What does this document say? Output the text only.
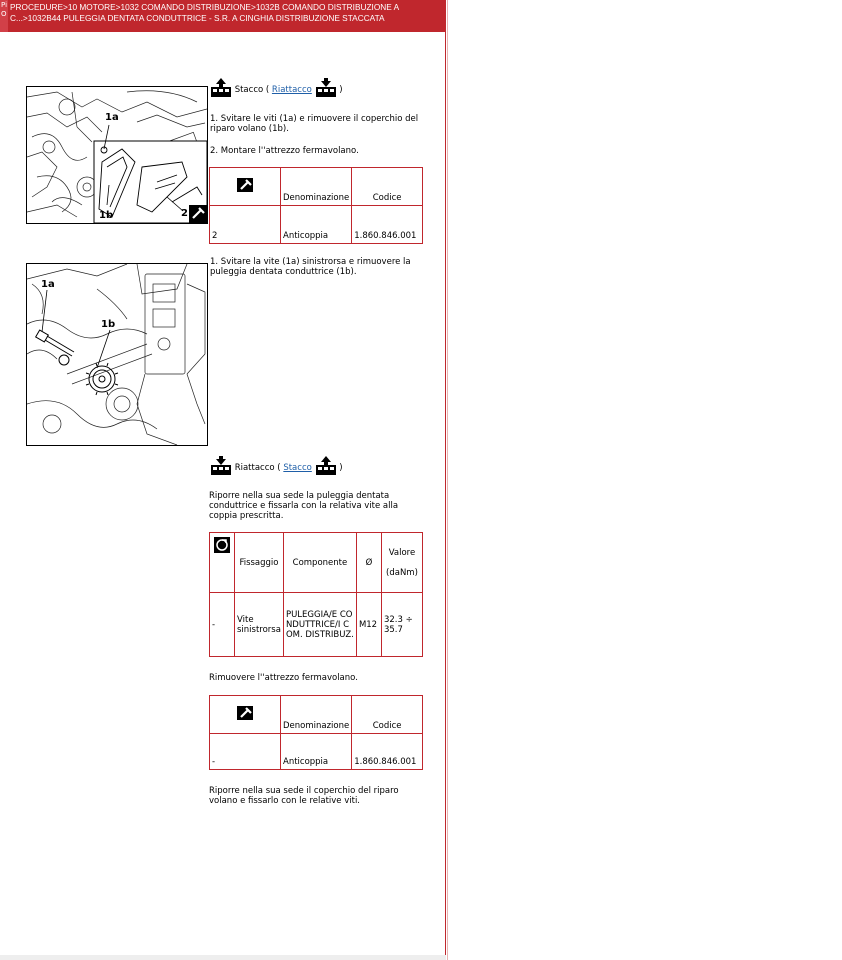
Pi
O
PROCEDURE>10 MOTORE>1032 COMANDO DISTRIBUZIONE>1032B COMANDO DISTRIBUZIONE A C...>1032B44 PULEGGIA DENTATA CONDUTTRICE - S.R. A CINGHIA DISTRIBUZIONE STACCATA
1a
1b	2
Stacco ( Riattacco	)
1. Svitare le viti (1a) e rimuovere il coperchio del riparo volano (1b).
2. Montare l''attrezzo fermavolano.
	Denominazione	Codice
2	Anticoppia	1.860.846.001
1a
1b
1. Svitare la vite (1a) sinistrorsa e rimuovere la puleggia dentata conduttrice (1b).
Riattacco ( Stacco	)
Riporre nella sua sede la puleggia dentata conduttrice e fissarla con la relativa vite alla coppia prescritta.
	Fissaggio	Componente	Ø	Valore
(daNm)

-	Vite sinistrorsa	PULEGGIA/E CONDUTTRICE/I COM. DISTRIBUZ.	M12	32.3 ÷ 35.7
Rimuovere l''attrezzo fermavolano.
	Denominazione	Codice
-	Anticoppia	1.860.846.001
Riporre nella sua sede il coperchio del riparo volano e fissarlo con le relative viti.
